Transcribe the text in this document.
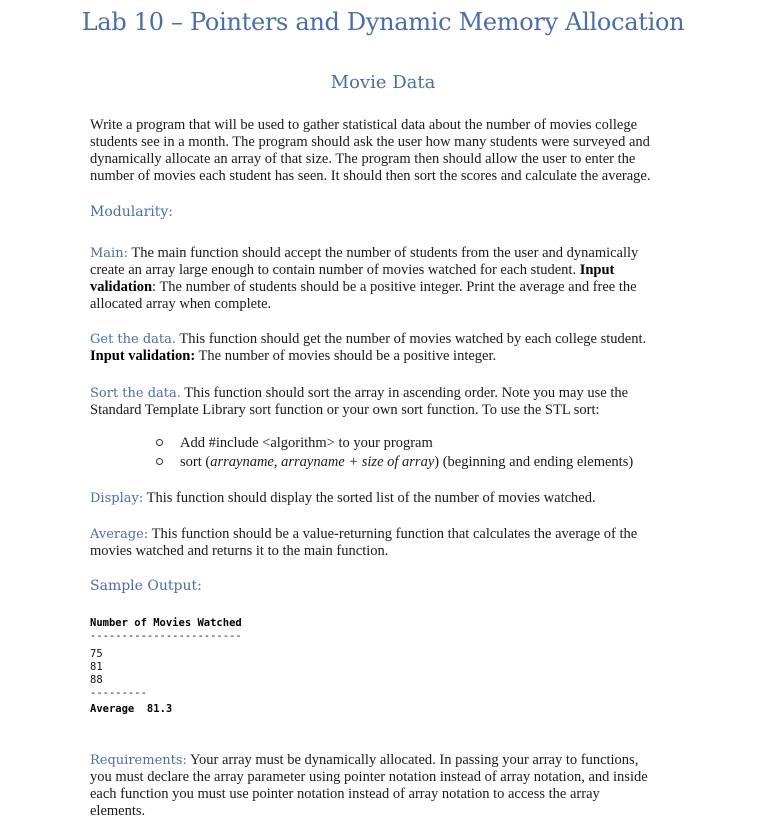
Lab 10 – Pointers and Dynamic Memory Allocation
Movie Data
Write a program that will be used to gather statistical data about the number of movies college
students see in a month. The program should ask the user how many students were surveyed and
dynamically allocate an array of that size. The program then should allow the user to enter the
number of movies each student has seen. It should then sort the scores and calculate the average.
Modularity:
Main: The main function should accept the number of students from the user and dynamically
create an array large enough to contain number of movies watched for each student. Input
validation: The number of students should be a positive integer. Print the average and free the
allocated array when complete.
Get the data. This function should get the number of movies watched by each college student.
Input validation: The number of movies should be a positive integer.
Sort the data. This function should sort the array in ascending order. Note you may use the
Standard Template Library sort function or your own sort function. To use the STL sort:
Add #include <algorithm> to your program
sort (arrayname, arrayname + size of array) (beginning and ending elements)
Display: This function should display the sorted list of the number of movies watched.
Average: This function should be a value-returning function that calculates the average of the
movies watched and returns it to the main function.
Sample Output:
Number of Movies Watched
------------------------
75
81
88
---------
Average 81.3
Requirements: Your array must be dynamically allocated. In passing your array to functions,
you must declare the array parameter using pointer notation instead of array notation, and inside
each function you must use pointer notation instead of array notation to access the array
elements.
